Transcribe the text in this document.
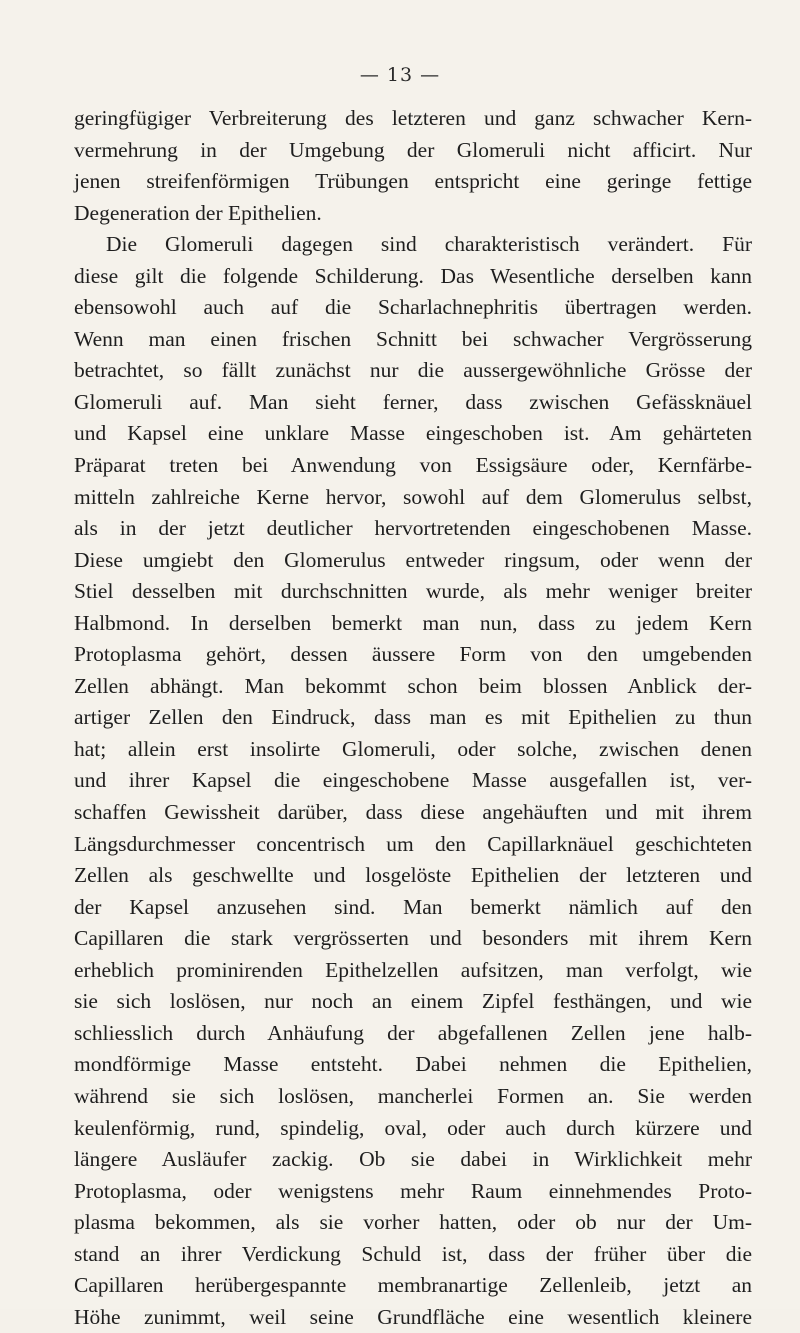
— 13 —
geringfügiger Verbreiterung des letzteren und ganz schwacher Kern-
vermehrung in der Umgebung der Glomeruli nicht afficirt. Nur
jenen streifenförmigen Trübungen entspricht eine geringe fettige
Degeneration der Epithelien.
Die Glomeruli dagegen sind charakteristisch verändert. Für
diese gilt die folgende Schilderung. Das Wesentliche derselben kann
ebensowohl auch auf die Scharlachnephritis übertragen werden.
Wenn man einen frischen Schnitt bei schwacher Vergrösserung
betrachtet, so fällt zunächst nur die aussergewöhnliche Grösse der
Glomeruli auf. Man sieht ferner, dass zwischen Gefässknäuel
und Kapsel eine unklare Masse eingeschoben ist. Am gehärteten
Präparat treten bei Anwendung von Essigsäure oder, Kernfärbe-
mitteln zahlreiche Kerne hervor, sowohl auf dem Glomerulus selbst,
als in der jetzt deutlicher hervortretenden eingeschobenen Masse.
Diese umgiebt den Glomerulus entweder ringsum, oder wenn der
Stiel desselben mit durchschnitten wurde, als mehr weniger breiter
Halbmond. In derselben bemerkt man nun, dass zu jedem Kern
Protoplasma gehört, dessen äussere Form von den umgebenden
Zellen abhängt. Man bekommt schon beim blossen Anblick der-
artiger Zellen den Eindruck, dass man es mit Epithelien zu thun
hat; allein erst insolirte Glomeruli, oder solche, zwischen denen
und ihrer Kapsel die eingeschobene Masse ausgefallen ist, ver-
schaffen Gewissheit darüber, dass diese angehäuften und mit ihrem
Längsdurchmesser concentrisch um den Capillarknäuel geschichteten
Zellen als geschwellte und losgelöste Epithelien der letzteren und
der Kapsel anzusehen sind. Man bemerkt nämlich auf den
Capillaren die stark vergrösserten und besonders mit ihrem Kern
erheblich prominirenden Epithelzellen aufsitzen, man verfolgt, wie
sie sich loslösen, nur noch an einem Zipfel festhängen, und wie
schliesslich durch Anhäufung der abgefallenen Zellen jene halb-
mondförmige Masse entsteht. Dabei nehmen die Epithelien,
während sie sich loslösen, mancherlei Formen an. Sie werden
keulenförmig, rund, spindelig, oval, oder auch durch kürzere und
längere Ausläufer zackig. Ob sie dabei in Wirklichkeit mehr
Protoplasma, oder wenigstens mehr Raum einnehmendes Proto-
plasma bekommen, als sie vorher hatten, oder ob nur der Um-
stand an ihrer Verdickung Schuld ist, dass der früher über die
Capillaren herübergespannte membranartige Zellenleib, jetzt an
Höhe zunimmt, weil seine Grundfläche eine wesentlich kleinere
